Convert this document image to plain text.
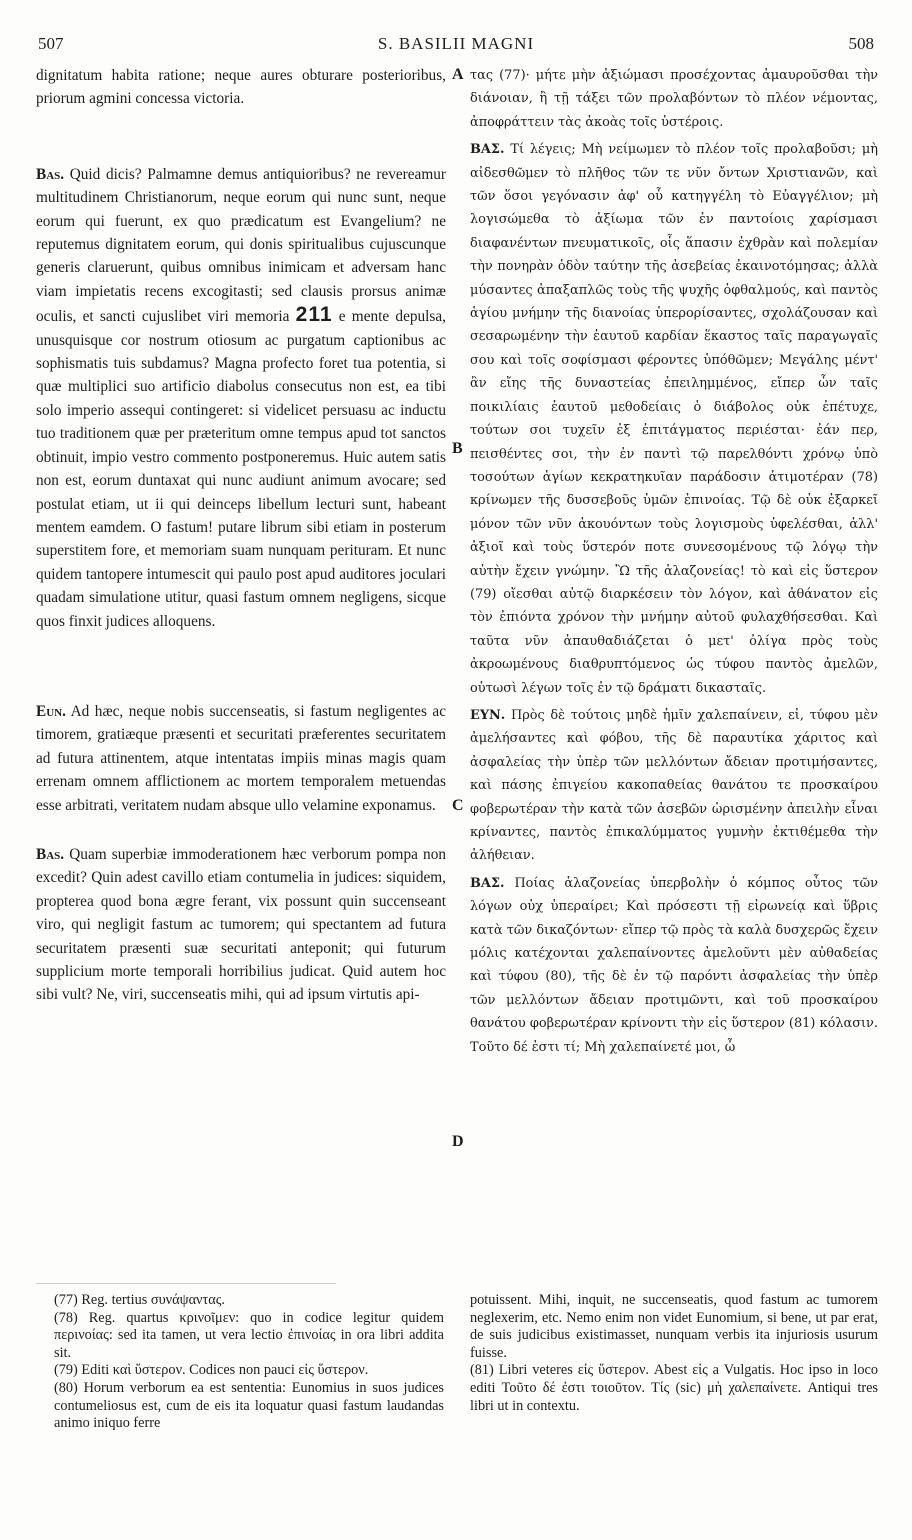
S. BASILII MAGNI
507	508

dignitatum habita ratione; neque aures obturare posterioribus, priorum agmini concessa victoria.

Bas. Quid dicis? Palmamne demus antiquioribus? ne revereamur multitudinem Christianorum, neque eorum qui nunc sunt, neque eorum qui fuerunt, ex quo prædicatum est Evangelium? ne reputemus dignitatem eorum, qui donis spiritualibus cujuscunque generis claruerunt, quibus omnibus inimicam et adversam hanc viam impietatis recens excogitasti; sed clausis prorsus animæ oculis, et sancti cujuslibet viri memoria 211 e mente depulsa, unusquisque cor nostrum otiosum ac purgatum captionibus ac sophismatis tuis subdamus? Magna profecto foret tua potentia, si quæ multiplici suo artificio diabolus consecutus non est, ea tibi solo imperio assequi contingeret: si videlicet persuasu ac inductu tuo traditionem quæ per præteritum omne tempus apud tot sanctos obtinuit, impio vestro commento postponeremus. Huic autem satis non est, eorum duntaxat qui nunc audiunt animum avocare; sed postulat etiam, ut ii qui deinceps libellum lecturi sunt, habeant mentem eamdem. O fastum! putare librum sibi etiam in posterum superstitem fore, et memoriam suam nunquam perituram. Et nunc quidem tantopere intumescit qui paulo post apud auditores joculari quadam simulatione utitur, quasi fastum omnem negligens, sicque quos finxit judices alloquens.

Eun. Ad hæc, neque nobis succenseatis, si fastum negligentes ac timorem, gratiæque præsenti et securitati præferentes securitatem ad futura attinentem, atque intentatas impiis minas magis quam errenam omnem afflictionem ac mortem temporalem metuendas esse arbitrati, veritatem nudam absque ullo velamine exponamus.

Bas. Quam superbiæ immoderationem hæc verborum pompa non excedit? Quin adest cavillo etiam contumelia in judices: siquidem, propterea quod bona ægre ferant, vix possunt quin succenseant viro, qui negligit fastum ac tumorem; qui spectantem ad futura securitatem præsenti suæ securitati anteponit; qui futurum supplicium morte temporali horribilius judicat. Quid autem hoc sibi vult? Ne, viri, succenseatis mihi, qui ad ipsum virtutis api-

A
B
C
D

τας (77)· μήτε μὴν ἀξιώμασι προσέχοντας ἀμαυροῦσθαι τὴν διάνοιαν, ἢ τῇ τάξει τῶν προλαβόντων τὸ πλέον νέμοντας, ἀποφράττειν τὰς ἀκοὰς τοῖς ὑστέροις.

ΒΑΣ. Τί λέγεις; Μὴ νείμωμεν τὸ πλέον τοῖς προλαβοῦσι; μὴ αἰδεσθῶμεν τὸ πλῆθος τῶν τε νῦν ὄντων Χριστιανῶν, καὶ τῶν ὅσοι γεγόνασιν ἀφ' οὗ κατηγγέλη τὸ Εὐαγγέλιον; μὴ λογισώμεθα τὸ ἀξίωμα τῶν ἐν παντοίοις χαρίσμασι διαφανέντων πνευματικοῖς, οἷς ἅπασιν ἐχθρὰν καὶ πολεμίαν τὴν πονηρὰν ὁδὸν ταύτην τῆς ἀσεβείας ἐκαινοτόμησας; ἀλλὰ μύσαντες ἀπαξαπλῶς τοὺς τῆς ψυχῆς ὀφθαλμούς, καὶ παντὸς ἁγίου μνήμην τῆς διανοίας ὑπερορίσαντες, σχολάζουσαν καὶ σεσαρωμένην τὴν ἑαυτοῦ καρδίαν ἕκαστος ταῖς παραγωγαῖς σου καὶ τοῖς σοφίσμασι φέροντες ὑπόθῶμεν; Μεγάλης μέντ' ἂν εἴης τῆς δυναστείας ἐπειλημμένος, εἴπερ ὧν ταῖς ποικιλίαις ἑαυτοῦ μεθοδείαις ὁ διάβολος οὐκ ἐπέτυχε, τούτων σοι τυχεῖν ἐξ ἐπιτάγματος περιέσται· ἐάν περ, πεισθέντες σοι, τὴν ἐν παντὶ τῷ παρελθόντι χρόνῳ ὑπὸ τοσούτων ἁγίων κεκρατηκυῖαν παράδοσιν ἀτιμοτέραν (78) κρίνωμεν τῆς δυσσεβοῦς ὑμῶν ἐπινοίας. Τῷ δὲ οὐκ ἐξαρκεῖ μόνον τῶν νῦν ἀκουόντων τοὺς λογισμοὺς ὑφελέσθαι, ἀλλ' ἀξιοῖ καὶ τοὺς ὕστερόν ποτε συνεσομένους τῷ λόγῳ τὴν αὐτὴν ἔχειν γνώμην. Ὢ τῆς ἀλαζονείας! τὸ καὶ εἰς ὕστερον (79) οἴεσθαι αὐτῷ διαρκέσειν τὸν λόγον, καὶ ἀθάνατον εἰς τὸν ἐπιόντα χρόνον τὴν μνήμην αὐτοῦ φυλαχθήσεσθαι. Καὶ ταῦτα νῦν ἀπαυθαδιάζεται ὁ μετ' ὀλίγα πρὸς τοὺς ἀκροωμένους διαθρυπτόμενος ὡς τύφου παντὸς ἀμελῶν, οὑτωσὶ λέγων τοῖς ἐν τῷ δράματι δικασταῖς.

ΕΥΝ. Πρὸς δὲ τούτοις μηδὲ ἡμῖν χαλεπαίνειν, εἰ, τύφου μὲν ἀμελήσαντες καὶ φόβου, τῆς δὲ παραυτίκα χάριτος καὶ ἀσφαλείας τὴν ὑπὲρ τῶν μελλόντων ἄδειαν προτιμήσαντες, καὶ πάσης ἐπιγείου κακοπαθείας θανάτου τε προσκαίρου φοβερωτέραν τὴν κατὰ τῶν ἀσεβῶν ὡρισμένην ἀπειλὴν εἶναι κρίναντες, παντὸς ἐπικαλύμματος γυμνὴν ἐκτιθέμεθα τὴν ἀλήθειαν.

ΒΑΣ. Ποίας ἀλαζονείας ὑπερβολὴν ὁ κόμπος οὗτος τῶν λόγων οὐχ ὑπεραίρει; Καὶ πρόσεστι τῇ εἰρωνείᾳ καὶ ὕβρις κατὰ τῶν δικαζόντων· εἴπερ τῷ πρὸς τὰ καλὰ δυσχερῶς ἔχειν μόλις κατέχονται χαλεπαίνοντες ἀμελοῦντι μὲν αὐθαδείας καὶ τύφου (80), τῆς δὲ ἐν τῷ παρόντι ἀσφαλείας τὴν ὑπὲρ τῶν μελλόντων ἄδειαν προτιμῶντι, καὶ τοῦ προσκαίρου θανάτου φοβερωτέραν κρίνοντι τὴν εἰς ὕστερον (81) κόλασιν. Τοῦτο δέ ἐστι τί; Μὴ χαλεπαίνετέ μοι, ὦ

(77) Reg. tertius συνάψαντας.

(78) Reg. quartus κρινοῖμεν: quo in codice legitur quidem περινοίας: sed ita tamen, ut vera lectio ἐπινοίας in ora libri addita sit.

(79) Editi καὶ ὕστερον. Codices non pauci εἰς ὕστερον.

(80) Horum verborum ea est sententia: Eunomius in suos judices contumeliosus est, cum de eis ita loquatur quasi fastum laudandas animo iniquo ferre

potuissent. Mihi, inquit, ne succenseatis, quod fastum ac tumorem neglexerim, etc. Nemo enim non videt Eunomium, si bene, ut par erat, de suis judicibus existimasset, nunquam verbis ita injuriosis usurum fuisse.

(81) Libri veteres εἰς ὕστερον. Abest εἰς a Vulgatis. Hoc ipso in loco editi Τοῦτο δέ ἐστι τοιοῦτον. Τίς (sic) μὴ χαλεπαίνετε. Antiqui tres libri ut in contextu.
